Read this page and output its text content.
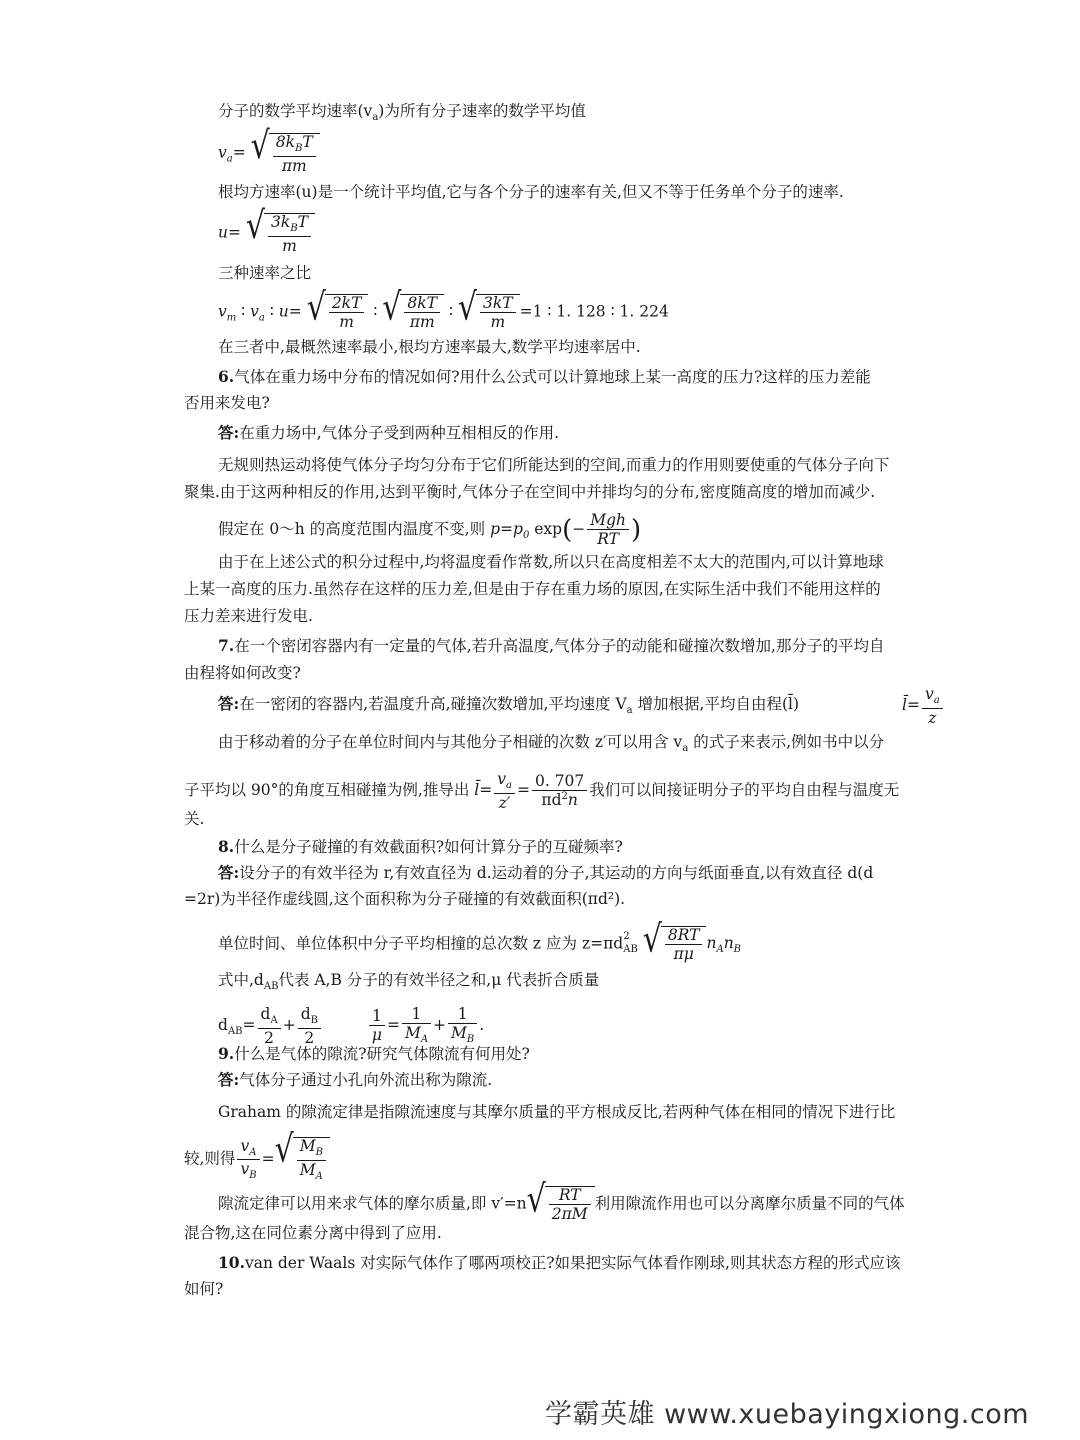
分子的数学平均速率$(v_a)$为所有分子速率的数学平均值
$v_a=$ √ $\frac{8k_BT}{\pi m}$
根均方速率(u)是一个统计平均值,它与各个分子的速率有关,但又不等于任务单个分子的速率.
u= √ $\frac{3k_BT}{m}$
三种速率之比
$v_m$ ∶ $v_a$ ∶ u= √ $\frac{2kT}{m}$ ∶ √ $\frac{8kT}{\pi m}$ ∶ √ $\frac{3kT}{m} =1$ ∶ 1. 128 ∶ 1. 224
在三者中,最概然速率最小,根均方速率最大,数学平均速率居中.
6.气体在重力场中分布的情况如何?用什么公式可以计算地球上某一高度的压力?这样的压力差能
否用来发电?
答:在重力场中,气体分子受到两种互相相反的作用.
无规则热运动将使气体分子均匀分布于它们所能达到的空间,而重力的作用则要使重的气体分子向下
聚集.由于这两种相反的作用,达到平衡时,气体分子在空间中并排均匀的分布,密度随高度的增加而减少.
假定在 0～h 的高度范围内温度不变,则 $p=p_0$ $\exp(- \frac{\text{Mgh}}{RT}$ )
由于在上述公式的积分过程中,均将温度看作常数,所以只在高度相差不太大的范围内,可以计算地球
上某一高度的压力.虽然存在这样的压力差,但是由于存在重力场的原因,在实际生活中我们不能用这样的
压力差来进行发电.
7.在一个密闭容器内有一定量的气体,若升高温度,气体分子的动能和碰撞次数增加,那分子的平均自
由程将如何改变?
答:在一密闭的容器内,若温度升高,碰撞次数增加,平均速度 $V_a$ 增加根据,平均自由程(l̄)	l̄= $\frac{v_a}{z}$
由于移动着的分子在单位时间内与其他分子相碰的次数 z′可以用含 $v_a$ 的式子来表示,例如书中以分
子平均以 90°的角度互相碰撞为例,推导出 l̄= $\frac{v_a}{z'} = \frac{0. 707}{\pi d^2n}$ 我们可以间接证明分子的平均自由程与温度无
关.
8.什么是分子碰撞的有效截面积?如何计算分子的互碰频率?
答:设分子的有效半径为 r,有效直径为 d.运动着的分子,其运动的方向与纸面垂直,以有效直径 d(d
=2r)为半径作虚线圆,这个面积称为分子碰撞的有效截面积(πd²).
单位时间、单位体积中分子平均相撞的总次数 z 应为 $z=\pi d_{AB}$
2
√ $\frac{8RT}{\pi\mu} n_An_B$
式中$,d_{AB}$代表 A,B 分子的有效半径之和,μ 代表折合质量
$d_{AB}= \frac{d_A}{2} + \frac{d_B}{2}$
	$\frac{1}{\mu} = \frac{1}{M_A} + \frac{1}{M_B}$ .
9.什么是气体的隙流?研究气体隙流有何用处?
答:气体分子通过小孔向外流出称为隙流.
Graham 的隙流定律是指隙流速度与其摩尔质量的平方根成反比,若两种气体在相同的情况下进行比
较,则得 $\frac{v_A}{v_B}$ = √ $\frac{M_B}{M_A}$
隙流定律可以用来求气体的摩尔质量,即 v′=n √ $\frac{RT}{2\pi M}$ 利用隙流作用也可以分离摩尔质量不同的气体
混合物,这在同位素分离中得到了应用.
10.van der Waals 对实际气体作了哪两项校正?如果把实际气体看作刚球,则其状态方程的形式应该
如何?
学霸英雄 www.xuebayingxiong.com
